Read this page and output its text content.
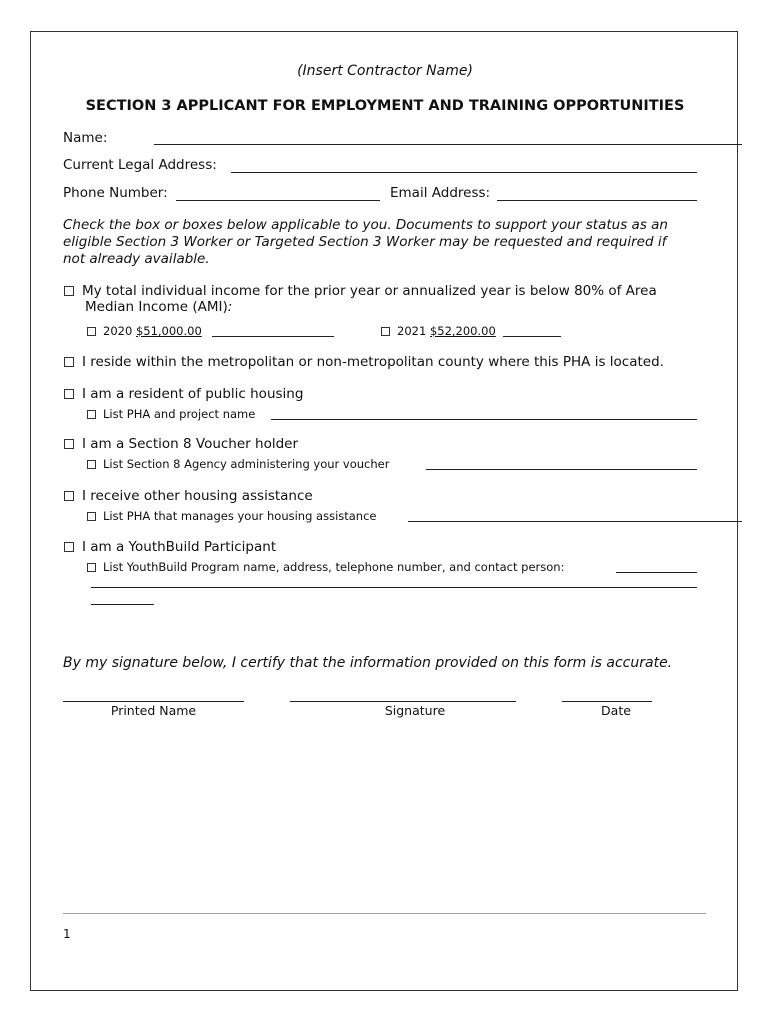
(Insert Contractor Name)
SECTION 3 APPLICANT FOR EMPLOYMENT AND TRAINING OPPORTUNITIES
Name:
Current Legal Address:
Phone Number:	Email Address:
Check the box or boxes below applicable to you. Documents to support your status as an
eligible Section 3 Worker or Targeted Section 3 Worker may be requested and required if
not already available.
My total individual income for the prior year or annualized year is below 80% of Area
Median Income (AMI):
2020 $51,000.00	2021 $52,200.00
I reside within the metropolitan or non-metropolitan county where this PHA is located.
I am a resident of public housing
List PHA and project name
I am a Section 8 Voucher holder
List Section 8 Agency administering your voucher
I receive other housing assistance
List PHA that manages your housing assistance
I am a YouthBuild Participant
List YouthBuild Program name, address, telephone number, and contact person:
By my signature below, I certify that the information provided on this form is accurate.
Printed Name	Signature	Date
1
